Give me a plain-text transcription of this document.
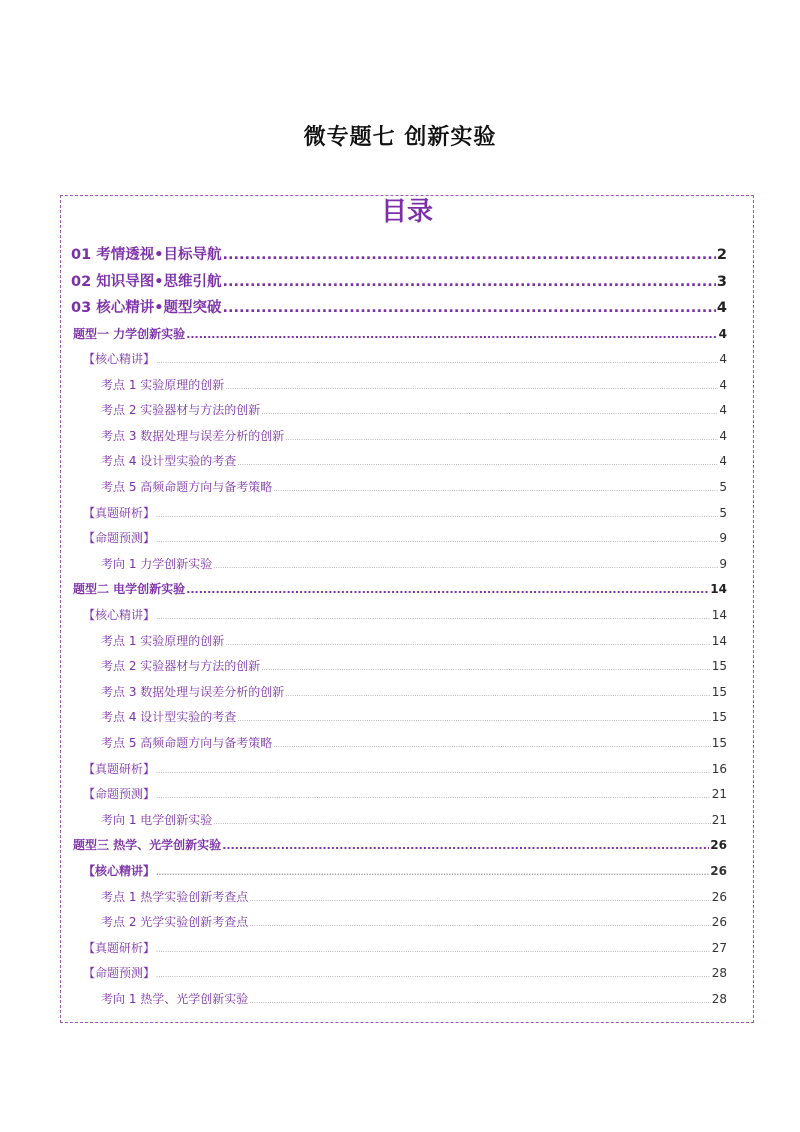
微专题七 创新实验
目录
01 考情透视•目标导航 .....	2
02 知识导图•思维引航 .....	3
03 核心精讲•题型突破 .....	4
题型一 力学创新实验 .....	4
【核心精讲】 .....	4
考点 1 实验原理的创新 .....	4
考点 2 实验器材与方法的创新 .....	4
考点 3 数据处理与误差分析的创新 .....	4
考点 4 设计型实验的考查 .....	4
考点 5 高频命题方向与备考策略 .....	5
【真题研析】 .....	5
【命题预测】 .....	9
考向 1 力学创新实验 .....	9
题型二 电学创新实验 .....	14
【核心精讲】 .....	14
考点 1 实验原理的创新 .....	14
考点 2 实验器材与方法的创新 .....	15
考点 3 数据处理与误差分析的创新 .....	15
考点 4 设计型实验的考查 .....	15
考点 5 高频命题方向与备考策略 .....	15
【真题研析】 .....	16
【命题预测】 .....	21
考向 1 电学创新实验 .....	21
题型三 热学、光学创新实验 .....	26
【核心精讲】 .....	26
考点 1 热学实验创新考查点 .....	26
考点 2 光学实验创新考查点 .....	26
【真题研析】 .....	27
【命题预测】 .....	28
考向 1 热学、光学创新实验 .....	28
